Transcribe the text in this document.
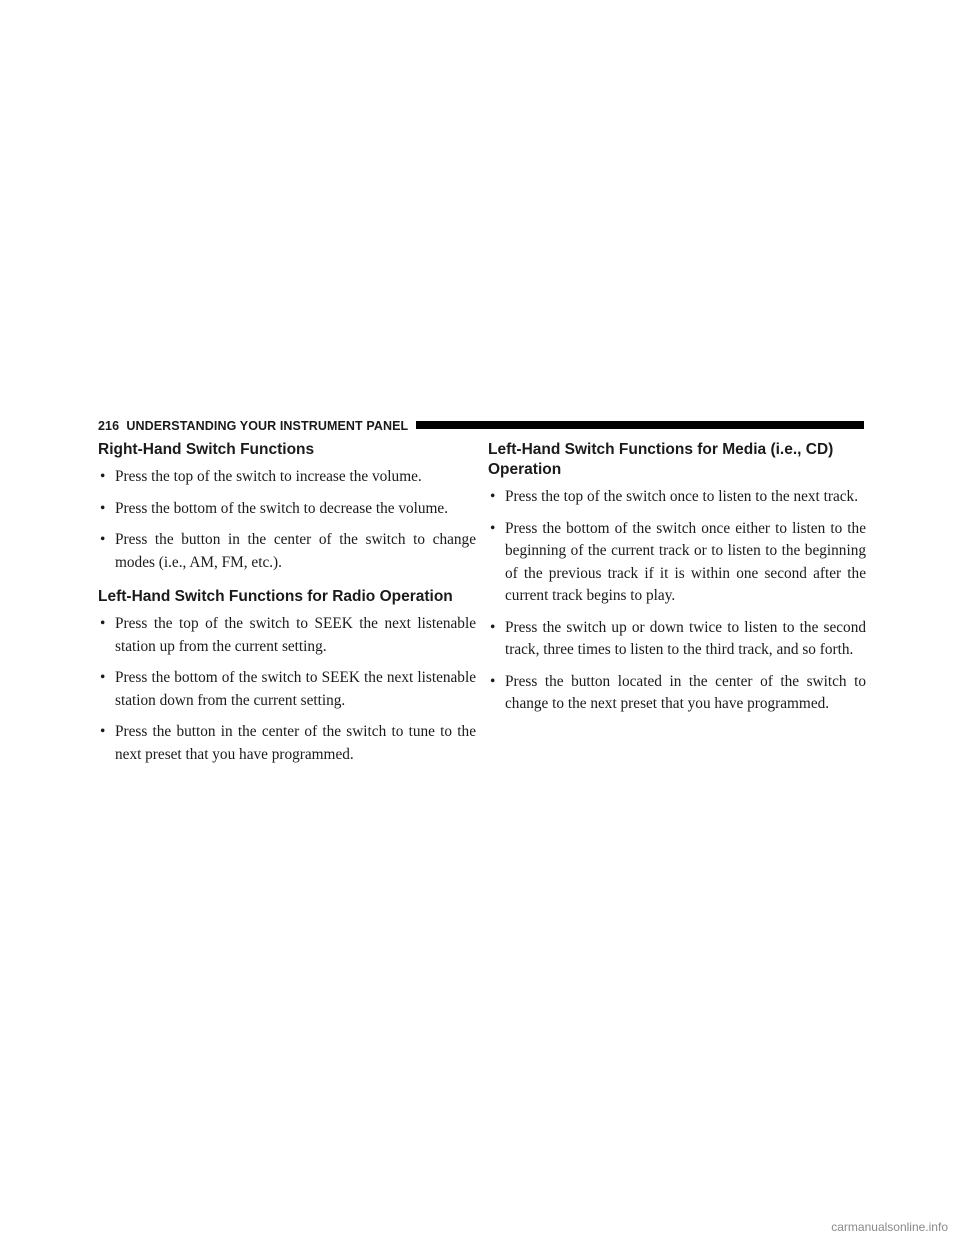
216 UNDERSTANDING YOUR INSTRUMENT PANEL
Right-Hand Switch Functions
• Press the top of the switch to increase the volume.
• Press the bottom of the switch to decrease the volume.
• Press the button in the center of the switch to change modes (i.e., AM, FM, etc.).
Left-Hand Switch Functions for Radio Operation
• Press the top of the switch to SEEK the next listenable station up from the current setting.
• Press the bottom of the switch to SEEK the next listenable station down from the current setting.
• Press the button in the center of the switch to tune to the next preset that you have programmed.
Left-Hand Switch Functions for Media (i.e., CD) Operation
• Press the top of the switch once to listen to the next track.
• Press the bottom of the switch once either to listen to the beginning of the current track or to listen to the beginning of the previous track if it is within one second after the current track begins to play.
• Press the switch up or down twice to listen to the second track, three times to listen to the third track, and so forth.
• Press the button located in the center of the switch to change to the next preset that you have programmed.
carmanualsonline.info
